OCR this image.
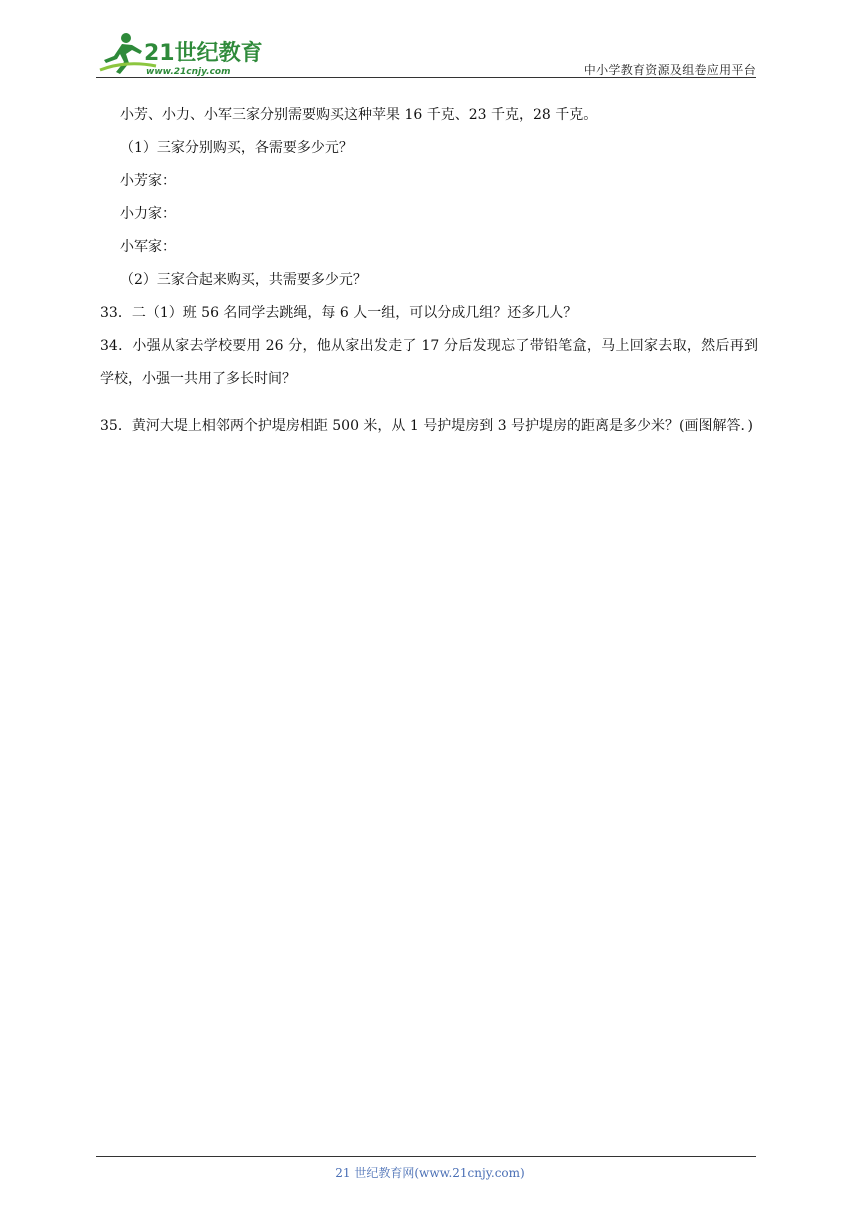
21世纪教育
www.21cnjy.com	中小学教育资源及组卷应用平台

小芳、小力、小军三家分别需要购买这种苹果 16 千克、23 千克，28 千克。

（1）三家分别购买，各需要多少元？

小芳家：

小力家：

小军家：

（2）三家合起来购买，共需要多少元？

33．二（1）班 56 名同学去跳绳，每 6 人一组，可以分成几组？还多几人？

34．小强从家去学校要用 26 分，他从家出发走了 17 分后发现忘了带铅笔盒，马上回家去取，然后再到学校，小强一共用了多长时间？

35．黄河大堤上相邻两个护堤房相距 500 米，从 1 号护堤房到 3 号护堤房的距离是多少米？(画图解答．)

21 世纪教育网(www.21cnjy.com)
